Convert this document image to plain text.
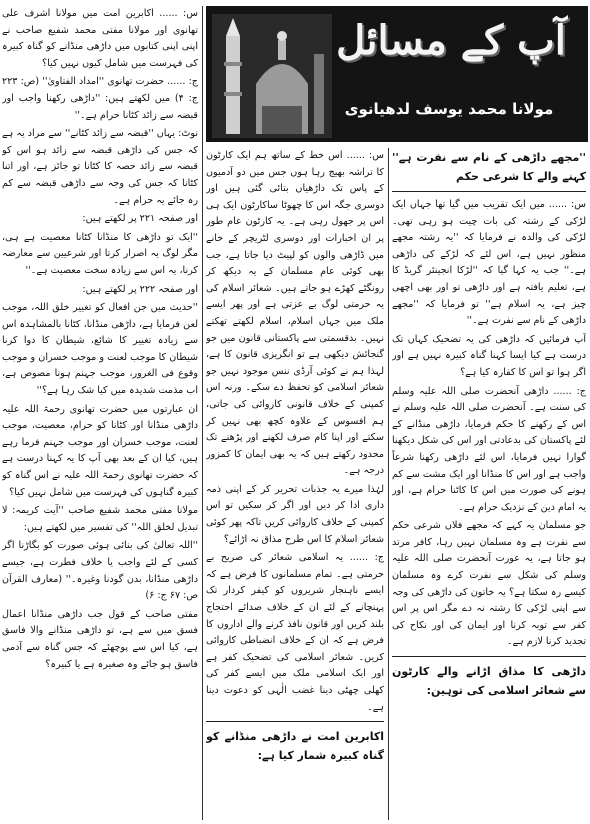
س: ...... اکابرین امت میں مولانا اشرف علی تھانوی اور مولانا مفتی محمد شفیع صاحب نے اپنی اپنی کتابوں میں داڑھی منڈانے کو گناہ کبیرہ کی فہرست میں شامل کیوں نہیں کیا؟

ج: ...... حضرت تھانوی ''امداد الفتاویٰ'' (ص: ۲۲۳ ج: ۴) میں لکھتے ہیں: ''داڑھی رکھنا واجب اور قبضہ سے زائد کٹانا حرام ہے۔''

نوٹ: یہاں ''قبضہ سے زائد کٹانے'' سے مراد یہ ہے کہ جس کی داڑھی قبضہ سے زائد ہو اس کو قبضہ سے زائد حصہ کا کٹانا تو جائز ہے، اور اتنا کٹانا کہ جس کی وجہ سے داڑھی قبضہ سے کم رہ جائے یہ حرام ہے۔

اور صفحہ ۲۲۱ پر لکھتے ہیں:

''ایک تو داڑھی کا منڈانا کٹانا معصیت ہے ہی، مگر لوگ یہ اصرار کرتا اور شرعیین سے معارضہ کرنا، یہ اس سے زیادہ سخت معصیت ہے۔''

اور صفحہ ۲۲۲ پر لکھتے ہیں:

''حدیث میں جن افعال کو تغییر خلق اللہ، موجب لعن فرمایا ہے، داڑھی منڈانا، کٹانا بالمشاہدہ اس سے زیادہ تغییر کا شائع، شیطان کا دوا کرنا شیطان کا موجب لعنت و موجب خسران و موجب وقوع فی الغرور، موجب جہنم ہونا مصوص ہے، اب مذمت شدیدہ میں کیا شک رہا ہے؟''

ان عبارتوں میں حضرت تھانوی رحمۃ اللہ علیہ داڑھی منڈانا اور کٹانا کو حرام، معصیت، موجب لعنت، موجب خسران اور موجب جہنم فرما رہے ہیں، کیا ان کے بعد بھی آپ کا یہ کہنا درست ہے کہ حضرت تھانوی رحمۃ اللہ علیہ نے اس گناہ کو کبیرہ گناہوں کی فہرست میں شامل نہیں کیا؟

مولانا مفتی محمد شفیع صاحب ''آیت کریمہ: لا تبدیل لخلق اللہ'' کی تفسیر میں لکھتے ہیں:

''اللہ تعالیٰ کی بنائی ہوئی صورت کو بگاڑنا اگر کسی کے لئے واجب یا خلاف فطرت ہے، جیسے داڑھی منڈانا، بدن گودنا وغیرہ۔'' (معارف القرآن ص: ۶۷ ج: ۶)

مفتی صاحب کے قول جب داڑھی منڈانا اعمال فسق میں سے ہے، تو داڑھی منڈانے والا فاسق ہے، کیا اس سے پوچھئے کہ جس گناہ سے آدمی فاسق ہو جائے وہ صغیرہ ہے یا کبیرہ؟

آپ کے مسائل
مولانا محمد یوسف لدھیانوی

س: ...... اس خط کے ساتھ ہم ایک کارٹون کا تراشہ بھیج رہا ہوں جس میں دو آدمیوں کے پاس تک داڑھیاں بتائی گئی ہیں اور دوسری جگہ اس کا چھوٹا ساکارٹون ایک ہی اس پر جھول رہی ہے۔ یہ کارٹون عام طور پر ان اخبارات اور دوسری لٹریچر کے خانے میں ڈاڑھی والوں کو لپیٹ دیا جاتا ہے، جب بھی کوئی عام مسلمان کے یہ دیکھ کر رونگٹے کھڑے ہو جاتے ہیں۔ شعائر اسلام کی یہ حرمتی لوگ بے عزتی ہے اور پھر ایسے ملک میں جہاں اسلام، اسلام لکھتے تھکتے نہیں۔ بدقسمتی سے پاکستانی قانون میں جو گنجائش دیکھی ہے تو انگریزی قانون کا ہے، لہذا ہم نے کوئی آرڈی ننس موجود نہیں جو شعائر اسلامی کو تحفظ دے سکے۔ ورنہ اس کمپنی کے خلاف قانونی کاروائی کی جاتی، ہم افسوس کے علاوہ کچھ بھی نہیں کر سکتے اور اپنا کام صرف لکھنے اور پڑھنے تک محدود رکھتے ہیں کہ یہ بھی ایمان کا کمزور درجہ ہے۔

لہٰذا میرے یہ جذبات تحریر کر کے اپنی ذمہ داری ادا کر دیں اور اگر کر سکیں تو اس کمپنی کے خلاف کاروائی کریں تاکہ پھر کوئی شعائر اسلام کا اس طرح مذاق نہ اڑائے؟

ج: ...... یہ اسلامی شعائر کی صریح بے حرمتی ہے۔ تمام مسلمانوں کا فرض ہے کہ ایسے ناہنجار شریروں کو کیفر کردار تک پہنچانے کے لئے ان کے خلاف صدائے احتجاج بلند کریں اور قانون نافذ کرنے والے اداروں کا فرض ہے کہ ان کے خلاف انضباطی کاروائی کریں۔ شعائر اسلامی کی تضحیک کفر ہے اور ایک اسلامی ملک میں ایسے کفر کی کھلی چھٹی دینا غضب الٰہی کو دعوت دینا ہے۔

اکابرین امت نے داڑھی منڈانے کو گناہ کبیرہ شمار کیا ہے:

''مجھے داڑھی کے نام سے نفرت ہے'' کہنے والے کا شرعی حکم

س: ...... میں ایک تقریب میں گیا تھا جہاں ایک لڑکی کے رشتہ کی بات چیت ہو رہی تھی۔ لڑکی کی والدہ نے فرمایا کہ ''یہ رشتہ مجھے منظور نہیں ہے، اس لئے کہ لڑکے کی داڑھی ہے۔'' جب یہ کہا گیا کہ ''لڑکا انجینئر گریڈ کا ہے، تعلیم یافتہ ہے اور داڑھی تو اور بھی اچھی چیز ہے، یہ اسلام ہے'' تو فرمایا کہ ''مجھے داڑھی کے نام سے نفرت ہے۔''

آپ فرمائیں کہ داڑھی کی یہ تضحیک کہاں تک درست ہے کیا ایسا کہنا گناہ کبیرہ نہیں ہے اور اگر ہوا تو اس کا کفارہ کیا ہے؟

ج: ...... داڑھی آنحضرت صلی اللہ علیہ وسلم کی سنت ہے۔ آنحضرت صلی اللہ علیہ وسلم نے اس کے رکھنے کا حکم فرمایا، داڑھی منڈانے کے لئے پاکستان کی بدعادتی اور اس کی شکل دیکھنا گوارا نہیں فرمایا، اس لئے داڑھی رکھنا شرعاً واجب ہے اور اس کا منڈانا اور ایک مشت سے کم ہونے کی صورت میں اس کا کاٹنا حرام ہے، اور یہ امام دین کے نزدیک حرام ہے۔

جو مسلمان یہ کہے کہ مجھے فلاں شرعی حکم سے نفرت ہے وہ مسلمان نہیں رہا، کافر مرتد ہو جاتا ہے، یہ عورت آنحضرت صلی اللہ علیہ وسلم کی شکل سے نفرت کرے وہ مسلمان کیسے رہ سکتا ہے؟ یہ خاتون کی داڑھی کی وجہ سے اپنی لڑکی کا رشتہ نہ دے مگر اس پر اس کفر سے توبہ کرنا اور ایمان کی اور نکاح کی تجدید کرنا لازم ہے۔

داڑھی کا مذاق اڑانے والے کارٹون سے شعائر اسلامی کی توہین:
